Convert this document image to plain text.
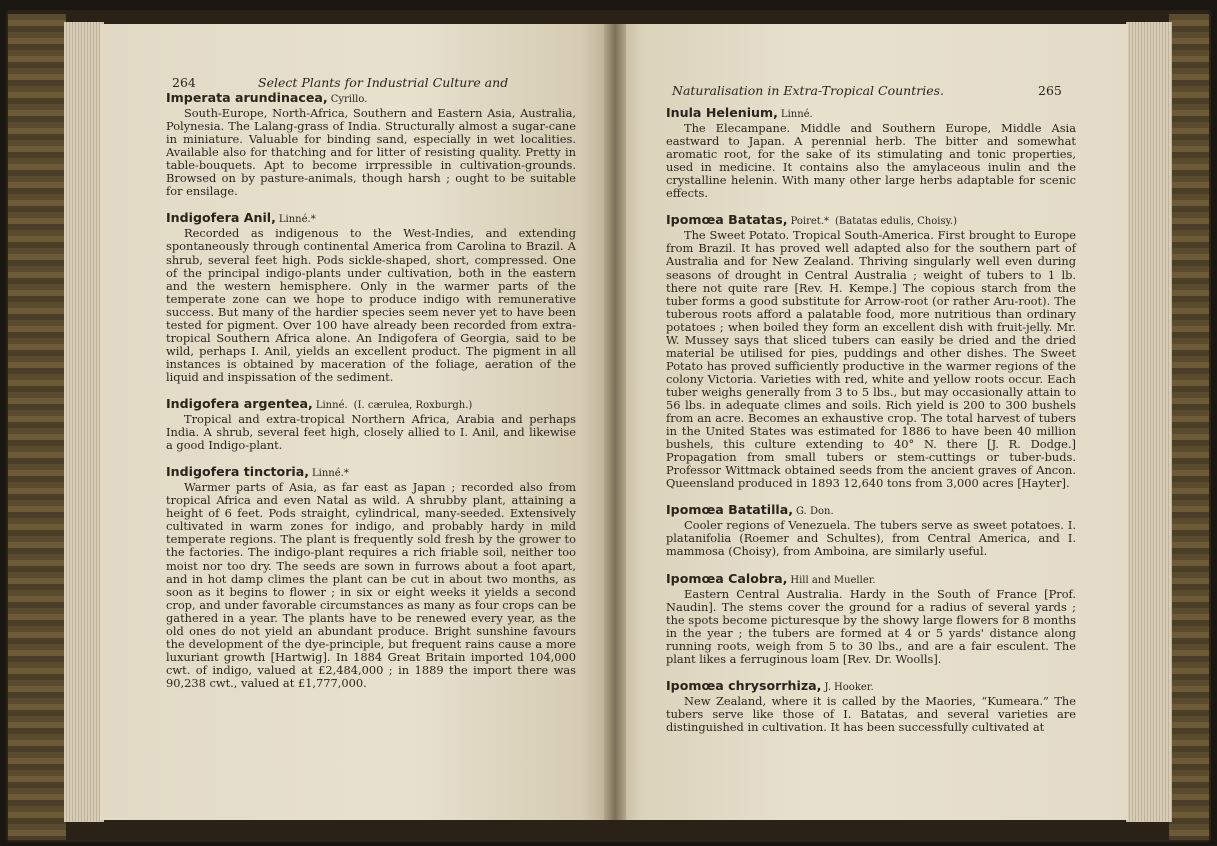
264	Select Plants for Industrial Culture and
Naturalisation in Extra-Tropical Countries.	265
Imperata arundinacea, Cyrillo.

South-Europe, North-Africa, Southern and Eastern Asia, Australia, Polynesia. The Lalang-grass of India. Structurally almost a sugar-cane in miniature. Valuable for binding sand, especially in wet localities. Available also for thatching and for litter of resisting quality. Pretty in table-bouquets. Apt to become irrpressible in cultivation-grounds. Browsed on by pasture-animals, though harsh ; ought to be suitable for ensilage.

Indigofera Anil, Linné.*

Recorded as indigenous to the West-Indies, and extending spontaneously through continental America from Carolina to Brazil. A shrub, several feet high. Pods sickle-shaped, short, compressed. One of the principal indigo-plants under cultivation, both in the eastern and the western hemisphere. Only in the warmer parts of the temperate zone can we hope to produce indigo with remunerative success. But many of the hardier species seem never yet to have been tested for pigment. Over 100 have already been recorded from extra-tropical Southern Africa alone. An Indigofera of Georgia, said to be wild, perhaps I. Anil, yields an excellent product. The pigment in all instances is obtained by maceration of the foliage, aeration of the liquid and inspissation of the sediment.

Indigofera argentea, Linné. (I. cærulea, Roxburgh.)

Tropical and extra-tropical Northern Africa, Arabia and perhaps India. A shrub, several feet high, closely allied to I. Anil, and likewise a good Indigo-plant.

Indigofera tinctoria, Linné.*

Warmer parts of Asia, as far east as Japan ; recorded also from tropical Africa and even Natal as wild. A shrubby plant, attaining a height of 6 feet. Pods straight, cylindrical, many-seeded. Extensively cultivated in warm zones for indigo, and probably hardy in mild temperate regions. The plant is frequently sold fresh by the grower to the factories. The indigo-plant requires a rich friable soil, neither too moist nor too dry. The seeds are sown in furrows about a foot apart, and in hot damp climes the plant can be cut in about two months, as soon as it begins to flower ; in six or eight weeks it yields a second crop, and under favorable circumstances as many as four crops can be gathered in a year. The plants have to be renewed every year, as the old ones do not yield an abundant produce. Bright sunshine favours the development of the dye-principle, but frequent rains cause a more luxuriant growth [Hartwig]. In 1884 Great Britain imported 104,000 cwt. of indigo, valued at £2,484,000 ; in 1889 the import there was 90,238 cwt., valued at £1,777,000.

Inula Helenium, Linné.

The Elecampane. Middle and Southern Europe, Middle Asia eastward to Japan. A perennial herb. The bitter and somewhat aromatic root, for the sake of its stimulating and tonic properties, used in medicine. It contains also the amylaceous inulin and the crystalline helenin. With many other large herbs adaptable for scenic effects.

Ipomœa Batatas, Poiret.* (Batatas edulis, Choisy.)

The Sweet Potato. Tropical South-America. First brought to Europe from Brazil. It has proved well adapted also for the southern part of Australia and for New Zealand. Thriving singularly well even during seasons of drought in Central Australia ; weight of tubers to 1 lb. there not quite rare [Rev. H. Kempe.] The copious starch from the tuber forms a good substitute for Arrow-root (or rather Aru-root). The tuberous roots afford a palatable food, more nutritious than ordinary potatoes ; when boiled they form an excellent dish with fruit-jelly. Mr. W. Mussey says that sliced tubers can easily be dried and the dried material be utilised for pies, puddings and other dishes. The Sweet Potato has proved sufficiently productive in the warmer regions of the colony Victoria. Varieties with red, white and yellow roots occur. Each tuber weighs generally from 3 to 5 lbs., but may occasionally attain to 56 lbs. in adequate climes and soils. Rich yield is 200 to 300 bushels from an acre. Becomes an exhaustive crop. The total harvest of tubers in the United States was estimated for 1886 to have been 40 million bushels, this culture extending to 40° N. there [J. R. Dodge.] Propagation from small tubers or stem-cuttings or tuber-buds. Professor Wittmack obtained seeds from the ancient graves of Ancon. Queensland produced in 1893 12,640 tons from 3,000 acres [Hayter].

Ipomœa Batatilla, G. Don.

Cooler regions of Venezuela. The tubers serve as sweet potatoes. I. platanifolia (Roemer and Schultes), from Central America, and I. mammosa (Choisy), from Amboina, are similarly useful.

Ipomœa Calobra, Hill and Mueller.

Eastern Central Australia. Hardy in the South of France [Prof. Naudin]. The stems cover the ground for a radius of several yards ; the spots become picturesque by the showy large flowers for 8 months in the year ; the tubers are formed at 4 or 5 yards' distance along running roots, weigh from 5 to 30 lbs., and are a fair esculent. The plant likes a ferruginous loam [Rev. Dr. Woolls].

Ipomœa chrysorrhiza, J. Hooker.

New Zealand, where it is called by the Maories, “Kumeara.” The tubers serve like those of I. Batatas, and several varieties are distinguished in cultivation. It has been successfully cultivated at
